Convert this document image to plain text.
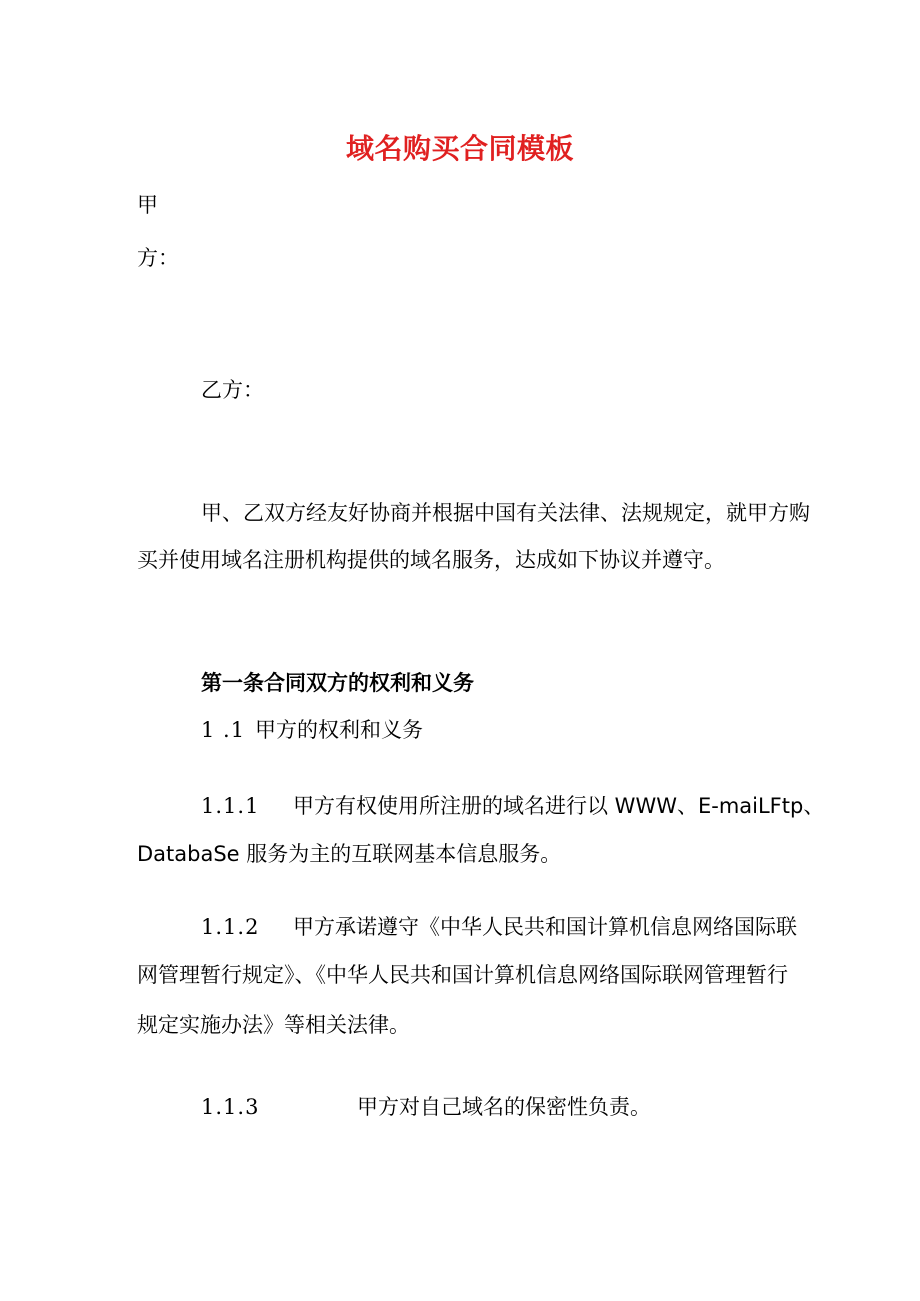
域名购买合同模板

甲

方：

乙方：

甲、乙双方经友好协商并根据中国有关法律、法规规定，就甲方购

买并使用域名注册机构提供的域名服务，达成如下协议并遵守。

第一条合同双方的权利和义务

1 .1 甲方的权利和义务

1.1.1 甲方有权使用所注册的域名进行以 WWW、E-maiLFtp、

DatabaSe 服务为主的互联网基本信息服务。

1.1.2 甲方承诺遵守《中华人民共和国计算机信息网络国际联

网管理暂行规定》、《中华人民共和国计算机信息网络国际联网管理暂行

规定实施办法》等相关法律。

1.1.3	甲方对自己域名的保密性负责。
